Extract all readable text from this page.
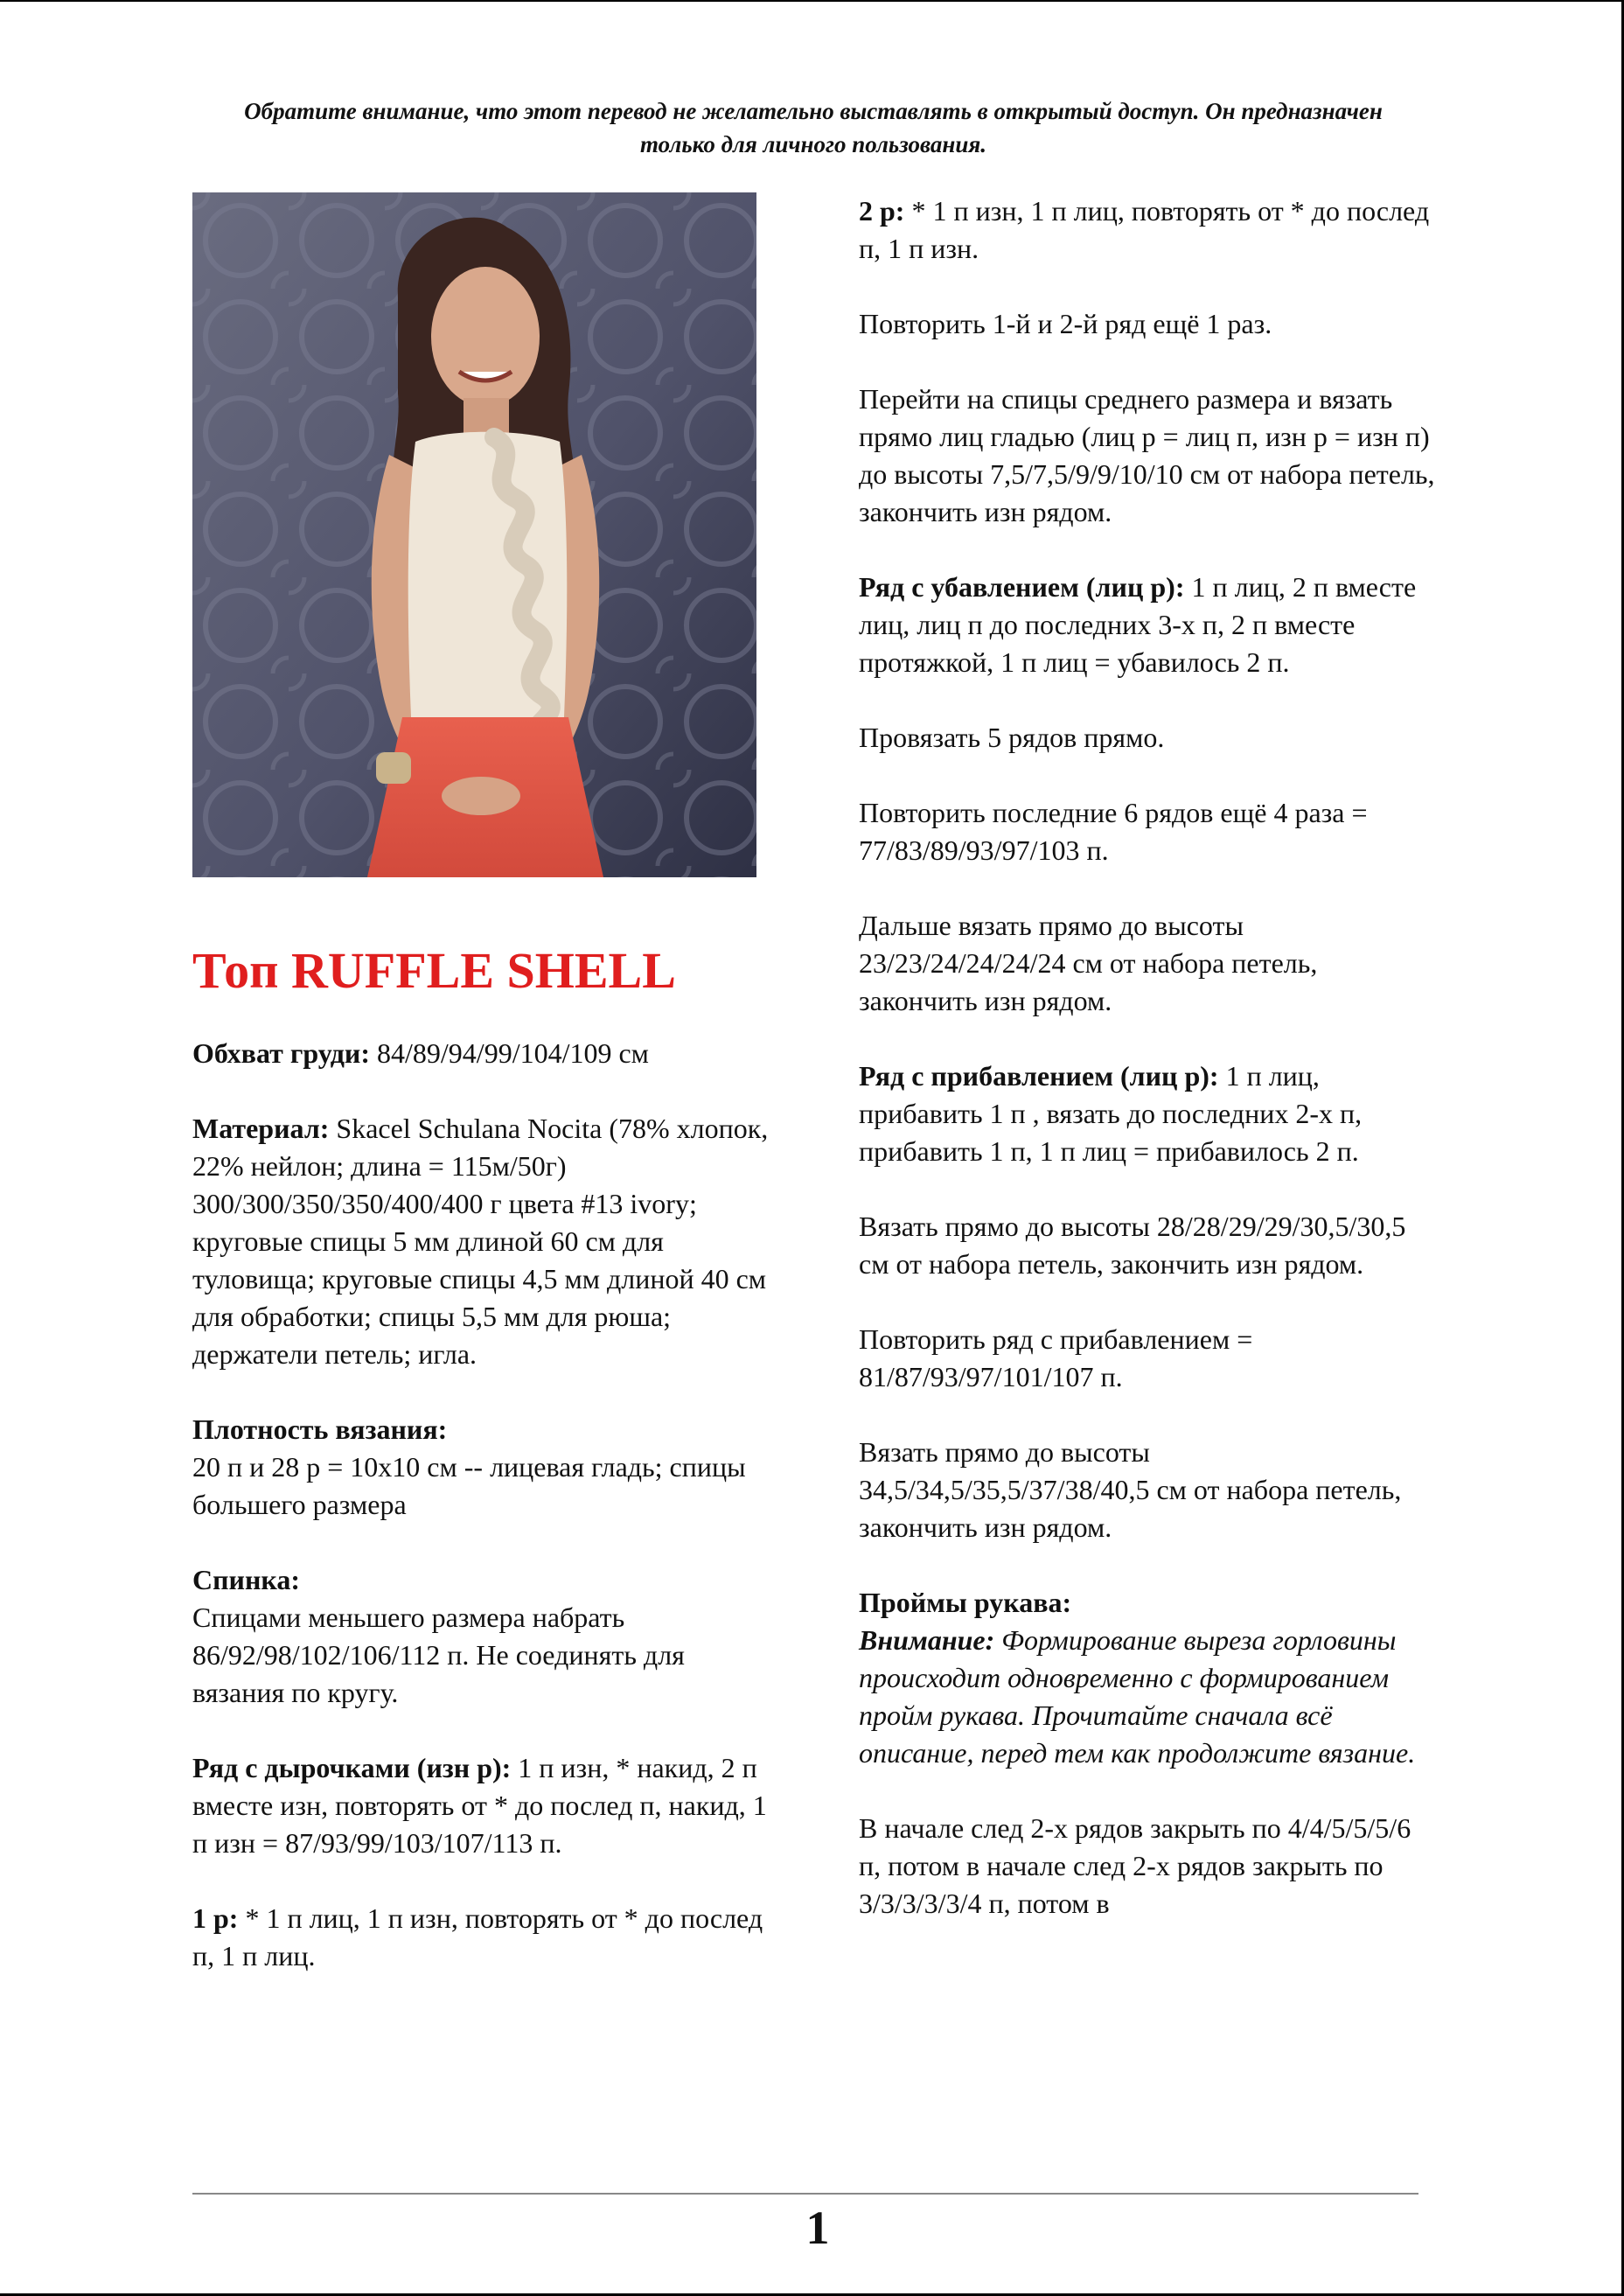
Обратите внимание, что этот перевод не желательно выставлять в открытый доступ. Он предназначен только для личного пользования.
Топ RUFFLE SHELL

Обхват груди: 84/89/94/99/104/109 см

Материал: Skacel Schulana Nocita (78% хлопок, 22% нейлон; длина = 115м/50г) 300/300/350/350/400/400 г цвета #13 ivory; круговые спицы 5 мм длиной 60 см для туловища; круговые спицы 4,5 мм длиной 40 см для обработки; спицы 5,5 мм для рюша; держатели петель; игла.

Плотность вязания:
20 п и 28 р = 10х10 см -- лицевая гладь; спицы большего размера

Спинка:
Спицами меньшего размера набрать 86/92/98/102/106/112 п. Не соединять для вязания по кругу.

Ряд с дырочками (изн р): 1 п изн, * накид, 2 п вместе изн, повторять от * до послед п, накид, 1 п изн = 87/93/99/103/107/113 п.

1 р: * 1 п лиц, 1 п изн, повторять от * до послед п, 1 п лиц.

2 р: * 1 п изн, 1 п лиц, повторять от * до послед п, 1 п изн.

Повторить 1-й и 2-й ряд ещё 1 раз.

Перейти на спицы среднего размера и вязать прямо лиц гладью (лиц р = лиц п, изн р = изн п) до высоты 7,5/7,5/9/9/10/10 см от набора петель, закончить изн рядом.

Ряд с убавлением (лиц р): 1 п лиц, 2 п вместе лиц, лиц п до последних 3-х п, 2 п вместе протяжкой, 1 п лиц = убавилось 2 п.

Провязать 5 рядов прямо.

Повторить последние 6 рядов ещё 4 раза = 77/83/89/93/97/103 п.

Дальше вязать прямо до высоты 23/23/24/24/24/24 см от набора петель, закончить изн рядом.

Ряд с прибавлением (лиц р): 1 п лиц, прибавить 1 п , вязать до последних 2-х п, прибавить 1 п, 1 п лиц = прибавилось 2 п.

Вязать прямо до высоты 28/28/29/29/30,5/30,5 см от набора петель, закончить изн рядом.

Повторить ряд с прибавлением = 81/87/93/97/101/107 п.

Вязать прямо до высоты 34,5/34,5/35,5/37/38/40,5 см от набора петель, закончить изн рядом.

Проймы рукава:
Внимание: Формирование выреза горловины происходит одновременно с формированием пройм рукава. Прочитайте сначала всё описание, перед тем как продолжите вязание.

В начале след 2-х рядов закрыть по 4/4/5/5/5/6 п, потом в начале след 2-х рядов закрыть по 3/3/3/3/3/4 п, потом в

1
